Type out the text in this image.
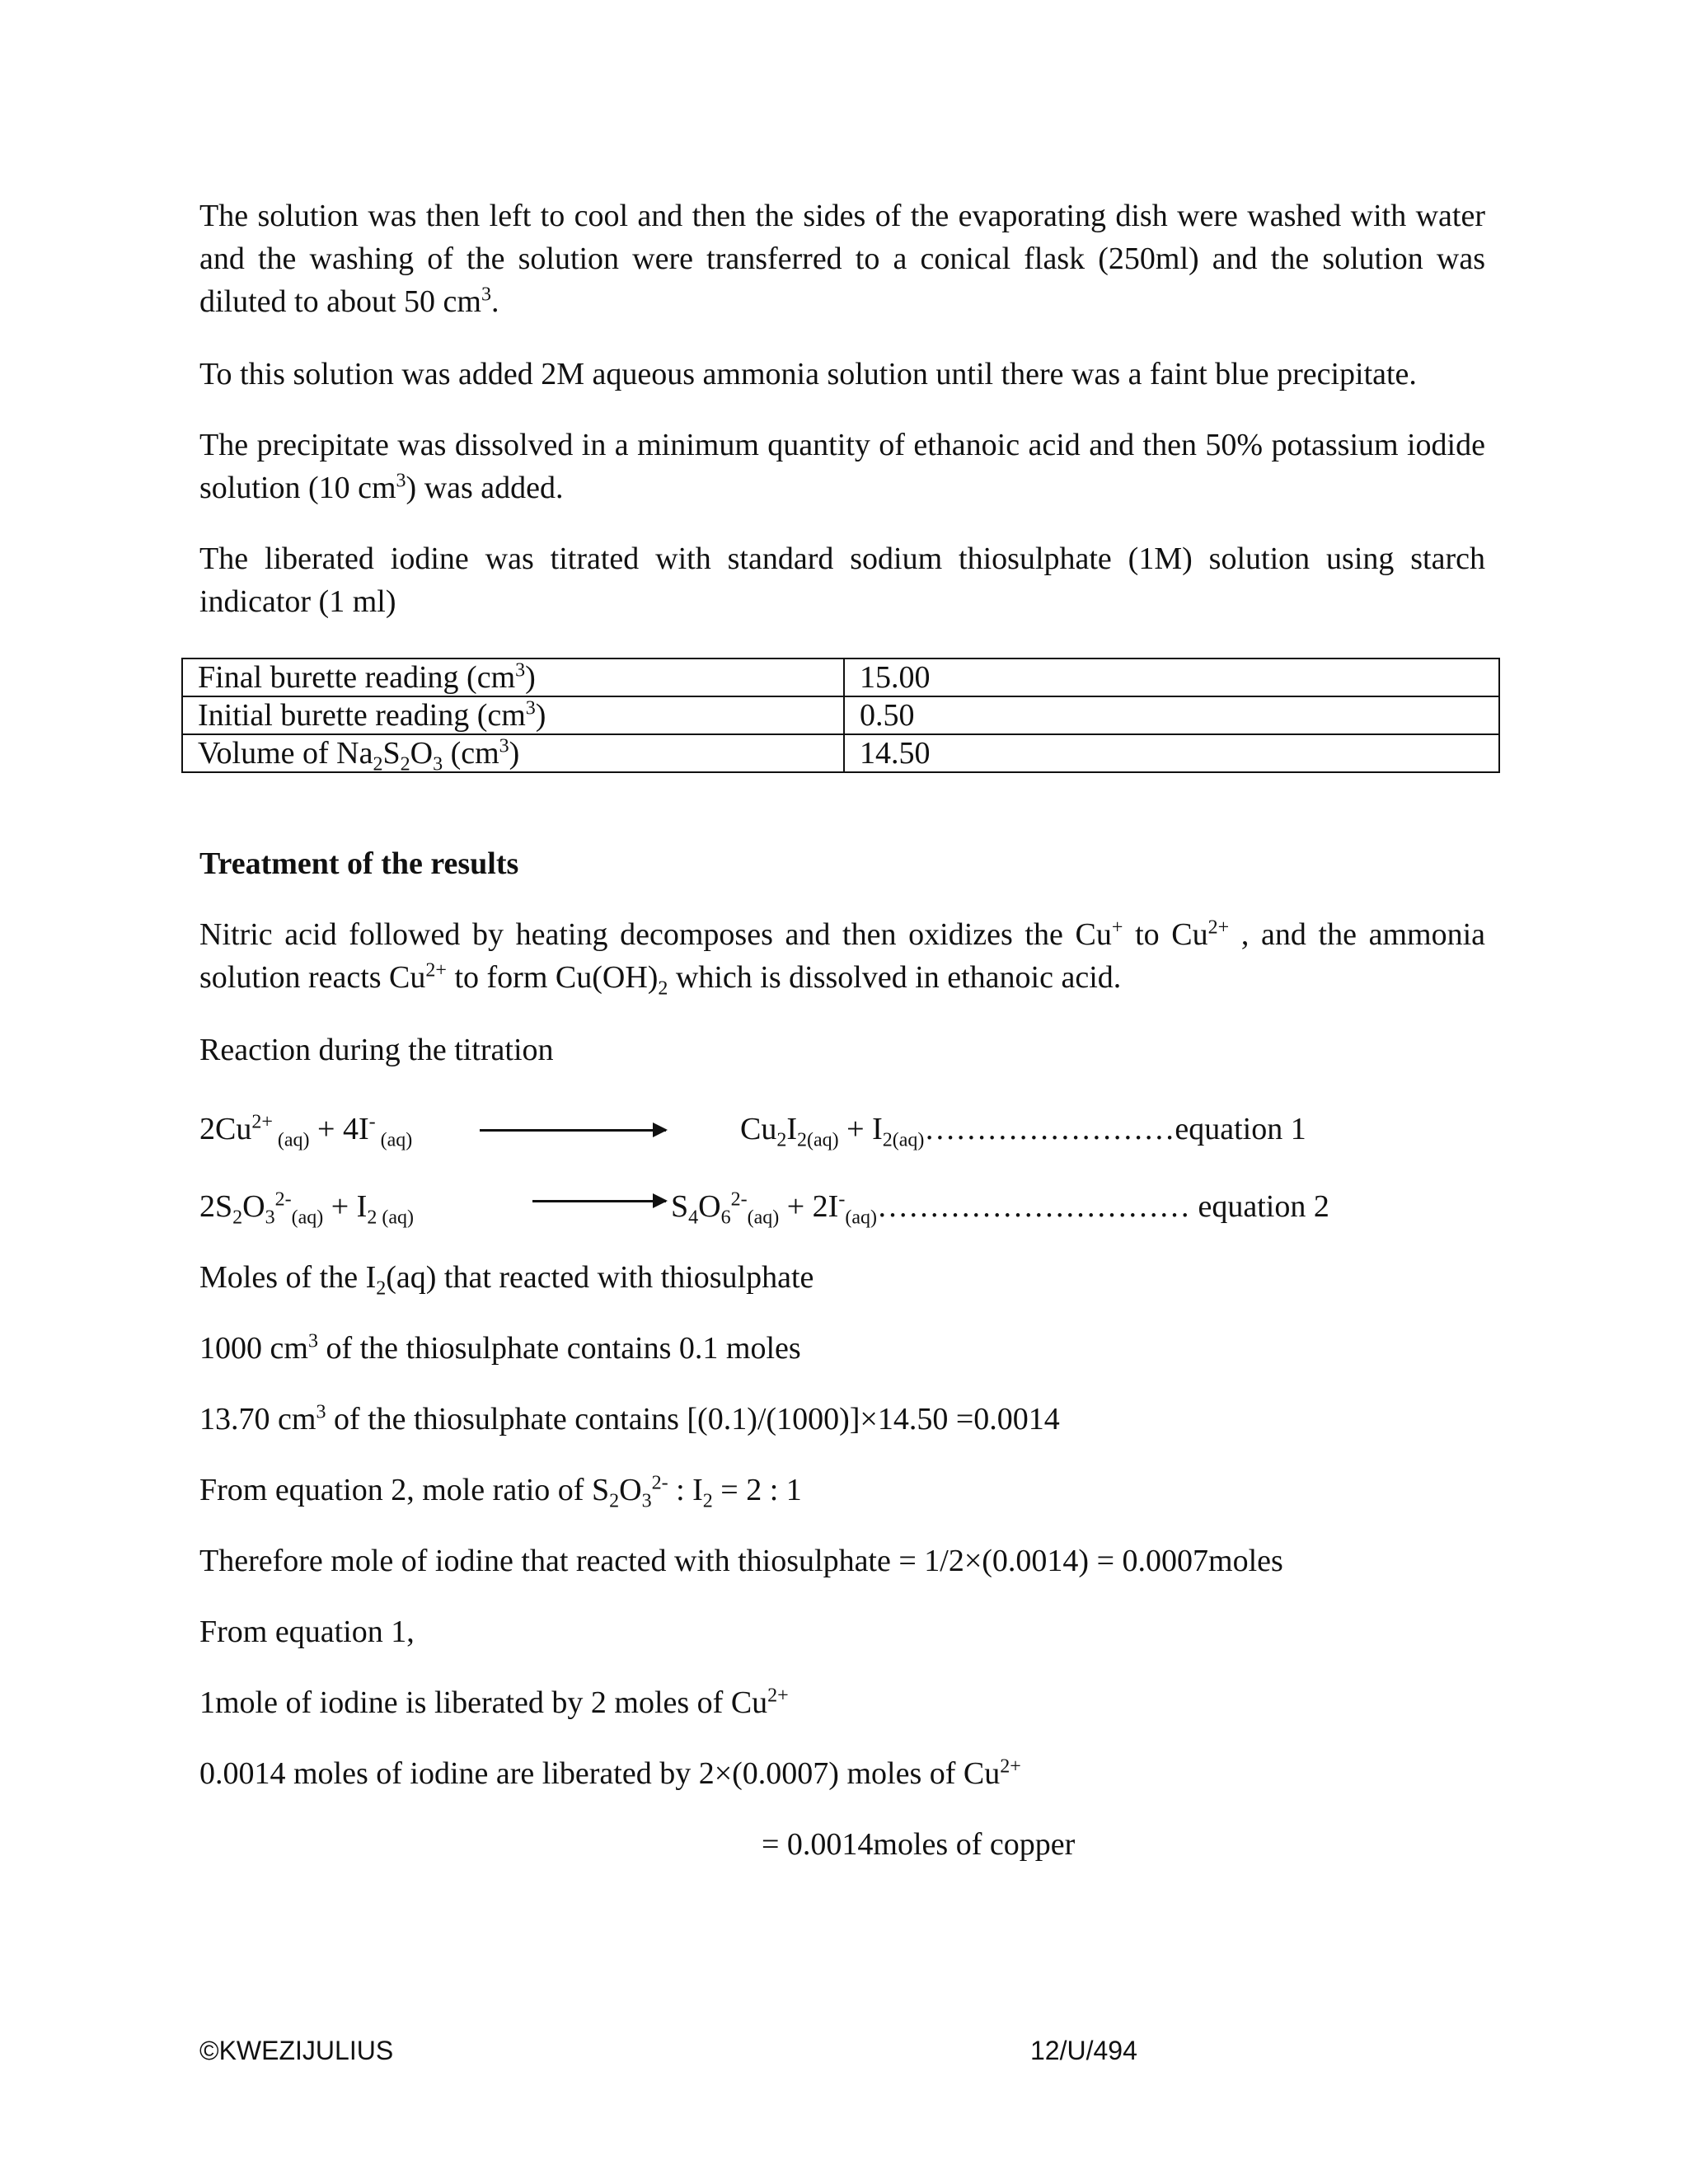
The solution was then left to cool and then the sides of the evaporating dish were washed with water and the washing of the solution were transferred to a conical flask (250ml) and the solution was diluted to about 50 $cm^3$.

To this solution was added 2M aqueous ammonia solution until there was a faint blue precipitate.

The precipitate was dissolved in a minimum quantity of ethanoic acid and then 50% potassium iodide solution (10 $cm^3$) was added.

The liberated iodine was titrated with standard sodium thiosulphate (1M) solution using starch indicator (1 ml)

Final burette reading $(cm^3)$	15.00
Initial burette reading $(cm^3)$	0.50
Volume of $Na_2S_2O_3$ $(cm^3)$	14.50

Treatment of the results

Nitric acid followed by heating decomposes and then oxidizes the Cu+ to $Cu^{2+}$ , and the ammonia solution reacts $Cu^{2+}$ to form $Cu(OH)_2$ which is dissolved in ethanoic acid.

Reaction during the titration

$2Cu^{2+}$ $_{(aq)}$ + 4I- $_{(aq)}$	$Cu_2I_{2(aq)}$ + $I_{2(aq)}\dots\dots\dots\dots\dots\dots\dots\dots equation$ 1
$2S_2O_3^{2-}_{(aq)} + I_{2 (aq)}$	$S_4O_6^{2-}_{(aq)}$ + $2I^-_{(aq)}\dots\dots\dots\dots\dots\dots\dots\dots\dots\dots$ equation 2

Moles of the $I_2(aq)$ that reacted with thiosulphate

1000 $cm^3$ of the thiosulphate contains 0.1 moles

13.70 $cm^3$ of the thiosulphate contains [(0.1)/(1000)]×14.50 =0.0014

From equation 2, mole ratio of $S_2O_3^{2-}$ : $I_2 = 2$ : 1

Therefore mole of iodine that reacted with thiosulphate = 1/2×(0.0014) = 0.0007moles

From equation 1,

1mole of iodine is liberated by 2 moles of $Cu^{2+}$

0.0014 moles of iodine are liberated by 2×(0.0007) moles of $Cu^{2+}$

= 0.0014moles of copper

©KWEZIJULIUS	12/U/494
